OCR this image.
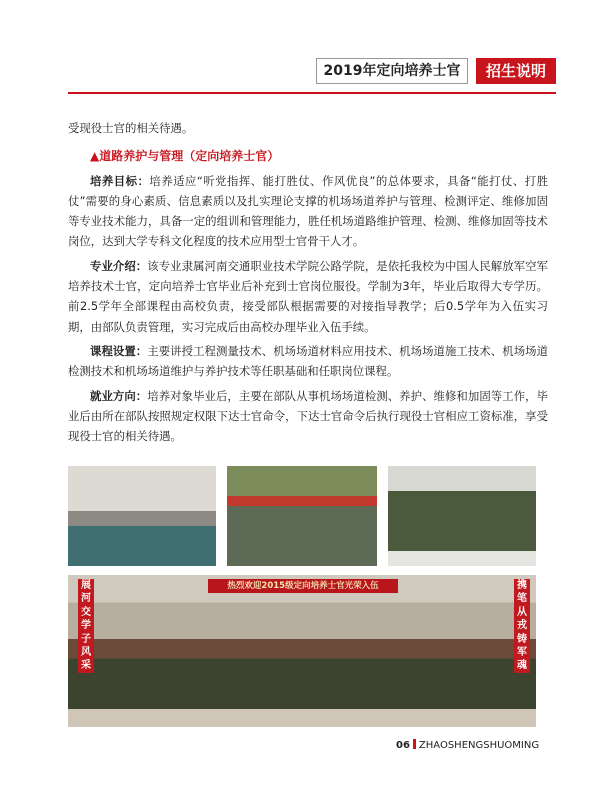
2019年定向培养士官	招生说明

受现役士官的相关待遇。

▲道路养护与管理（定向培养士官）

培养目标：培养适应“听党指挥、能打胜仗、作风优良”的总体要求，具备“能打仗、打胜仗”需要的身心素质、信息素质以及扎实理论支撑的机场场道养护与管理、检测评定、维修加固等专业技术能力，具备一定的组训和管理能力，胜任机场道路维护管理、检测、维修加固等技术岗位，达到大学专科文化程度的技术应用型士官骨干人才。

专业介绍：该专业隶属河南交通职业技术学院公路学院，是依托我校为中国人民解放军空军培养技术士官，定向培养士官毕业后补充到士官岗位服役。学制为3年，毕业后取得大专学历。前2.5学年全部课程由高校负责，接受部队根据需要的对接指导教学；后0.5学年为入伍实习期，由部队负责管理，实习完成后由高校办理毕业入伍手续。

课程设置：主要讲授工程测量技术、机场场道材料应用技术、机场场道施工技术、机场场道检测技术和机场场道维护与养护技术等任职基础和任职岗位课程。

就业方向：培养对象毕业后，主要在部队从事机场场道检测、养护、维修和加固等工作，毕业后由所在部队按照规定权限下达士官命令，下达士官命令后执行现役士官相应工资标准，享受现役士官的相关待遇。

热烈欢迎2015级定向培养士官光荣入伍
展河交学子风采
携笔从戎铸军魂
06 ZHAOSHENGSHUOMING
